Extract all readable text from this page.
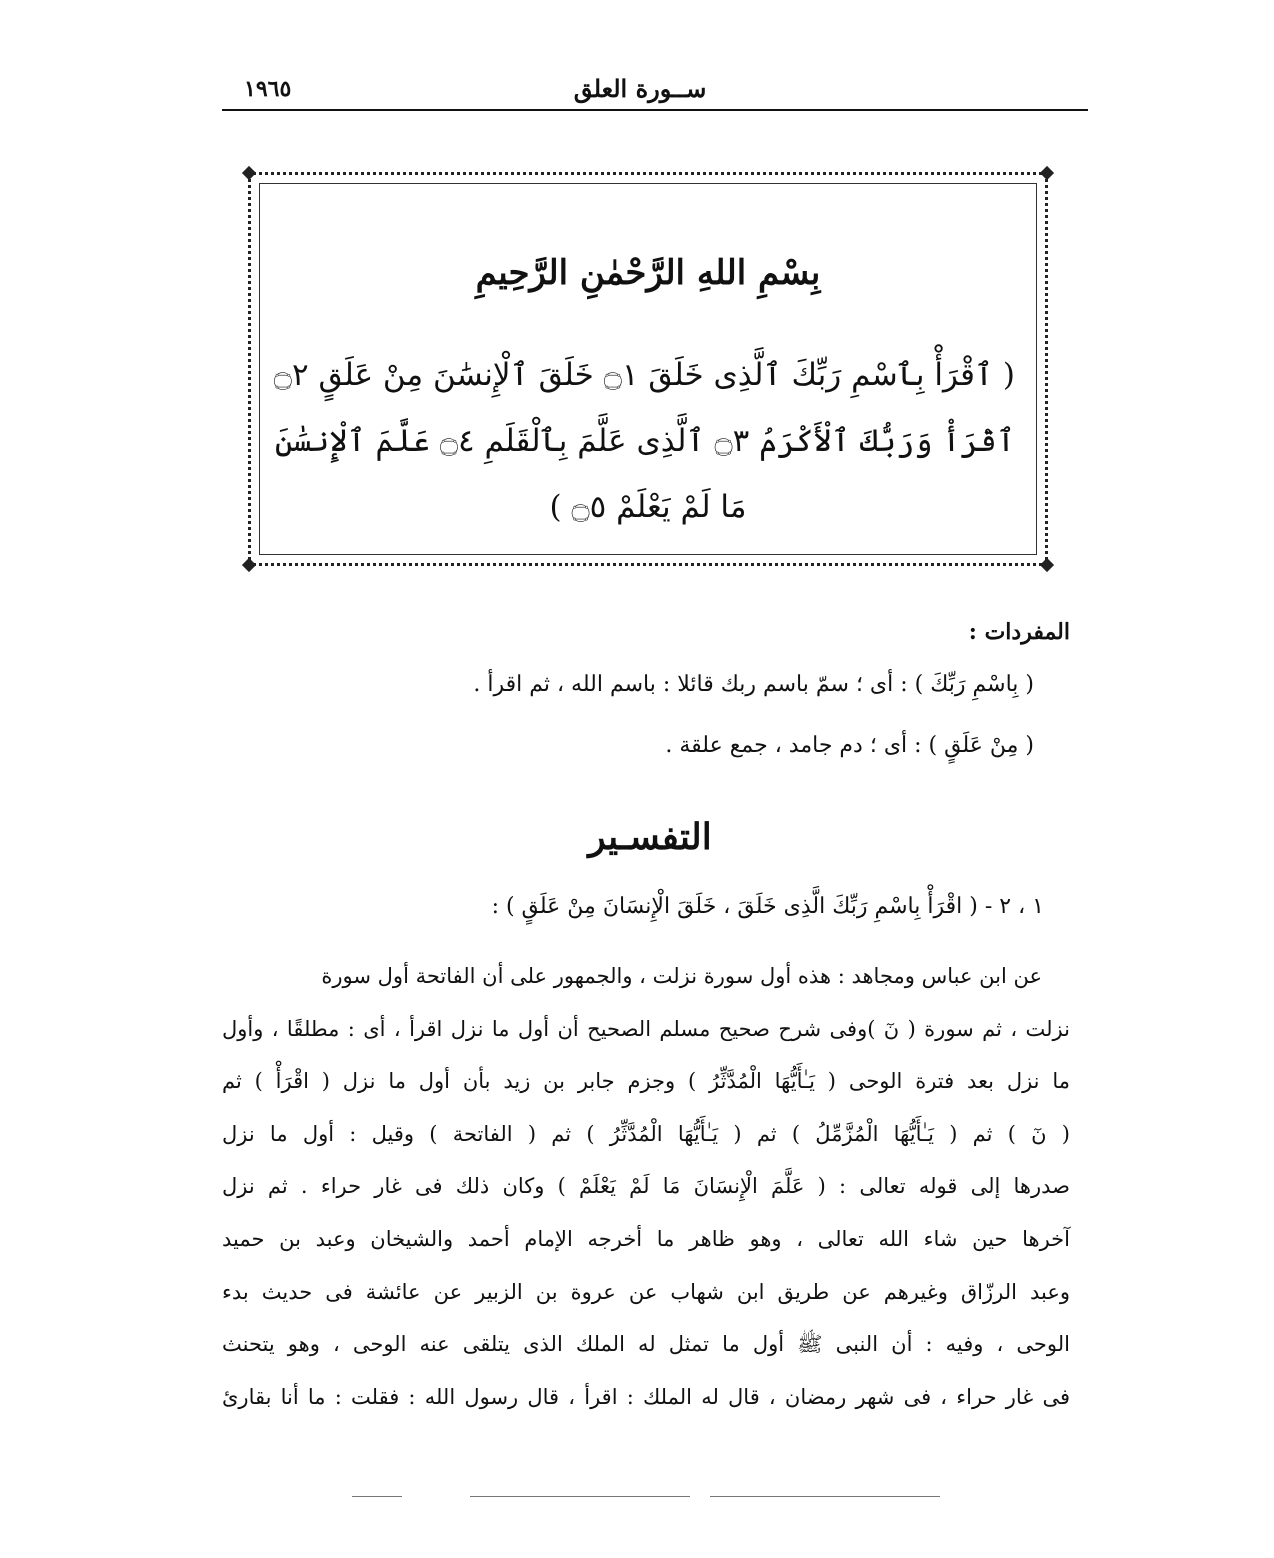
ســورة العلق
١٩٦٥
بِسْمِ اللهِ الرَّحْمٰنِ الرَّحِيمِ
( ٱقْرَأْ بِٱسْمِ رَبِّكَ ٱلَّذِى خَلَقَ ۝١ خَلَقَ ٱلْإِنسَٰنَ مِنْ عَلَقٍ ۝٢
ٱقْرَأْ وَرَبُّكَ ٱلْأَكْرَمُ ۝٣ ٱلَّذِى عَلَّمَ بِٱلْقَلَمِ ۝٤ عَلَّمَ ٱلْإِنسَٰنَ
مَا لَمْ يَعْلَمْ ۝٥ )
المفردات :
( بِاسْمِ رَبِّكَ ) : أى ؛ سمّ باسم ربك قائلا : باسم الله ، ثم اقرأ .
( مِنْ عَلَقٍ ) : أى ؛ دم جامد ، جمع علقة .
التفسـير
١ ، ٢ - ( اقْرَأْ بِاسْمِ رَبِّكَ الَّذِى خَلَقَ ، خَلَقَ الْإِنسَانَ مِنْ عَلَقٍ ) :
عن ابن عباس ومجاهد : هذه أول سورة نزلت ، والجمهور على أن الفاتحة أول سورة
نزلت ، ثم سورة ( نٓ )وفى شرح صحيح مسلم الصحيح أن أول ما نزل اقرأ ، أى : مطلقًا ، وأول
ما نزل بعد فترة الوحى ( يَـٰأَيُّهَا الْمُدَّثِّرُ ) وجزم جابر بن زيد بأن أول ما نزل ( اقْرَأْ ) ثم
( نٓ ) ثم ( يَـٰأَيُّهَا الْمُزَّمِّلُ ) ثم ( يَـٰأَيُّهَا الْمُدَّثِّرُ ) ثم ( الفاتحة ) وقيل : أول ما نزل
صدرها إلى قوله تعالى : ( عَلَّمَ الْإِنسَانَ مَا لَمْ يَعْلَمْ ) وكان ذلك فى غار حراء . ثم نزل
آخرها حين شاء الله تعالى ، وهو ظاهر ما أخرجه الإمام أحمد والشيخان وعبد بن حميد
وعبد الرزّاق وغيرهم عن طريق ابن شهاب عن عروة بن الزبير عن عائشة فى حديث بدء
الوحى ، وفيه : أن النبى ﷺ أول ما تمثل له الملك الذى يتلقى عنه الوحى ، وهو يتحنث
فى غار حراء ، فى شهر رمضان ، قال له الملك : اقرأ ، قال رسول الله : فقلت : ما أنا بقارئ
